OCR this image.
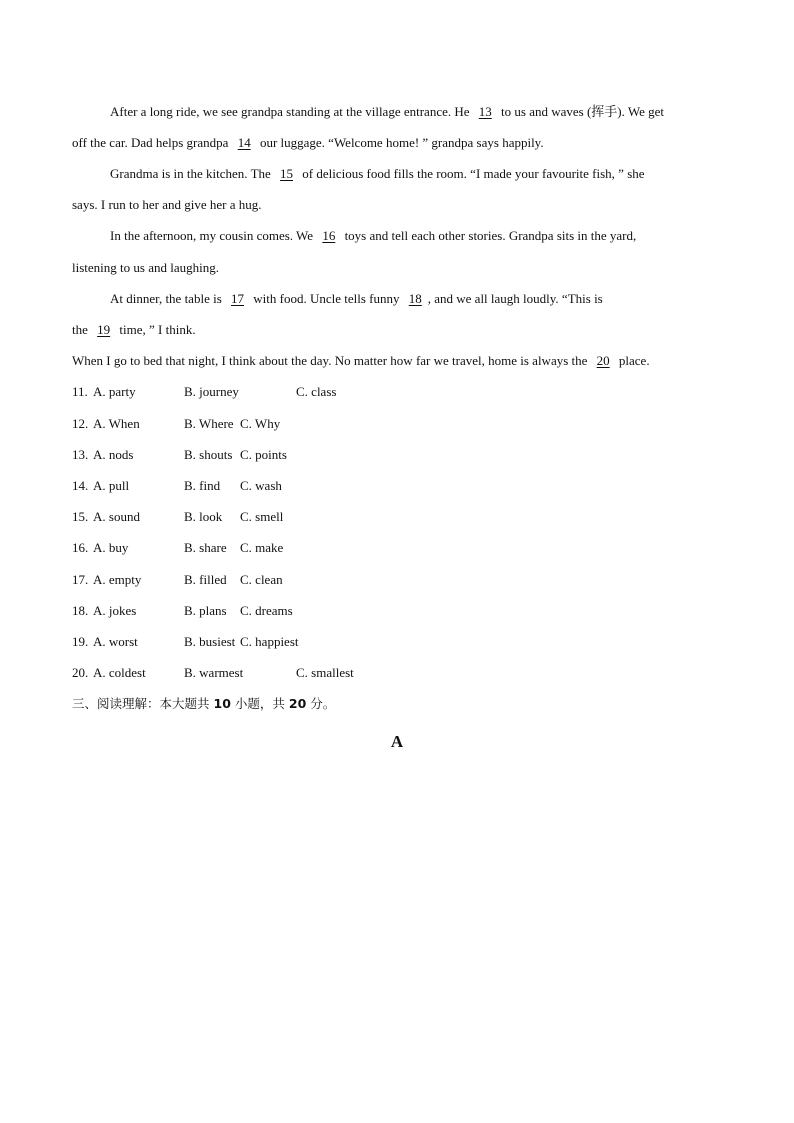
After a long ride, we see grandpa standing at the village entrance. He 13 to us and waves (挥手). We get
off the car. Dad helps grandpa 14 our luggage. “Welcome home! ” grandpa says happily.
Grandma is in the kitchen. The 15 of delicious food fills the room. “I made your favourite fish, ” she
says. I run to her and give her a hug.
In the afternoon, my cousin comes. We 16 toys and tell each other stories. Grandpa sits in the yard,
listening to us and laughing.
At dinner, the table is 17 with food. Uncle tells funny 18 , and we all laugh loudly. “This is
the 19 time, ” I think.
When I go to bed that night, I think about the day. No matter how far we travel, home is always the 20 place.
11. A. party	B. journey	C. class
12. A. When	B. Where C. Why
13. A. nods	B. shouts C. points
14. A. pull	B. find C. wash
15. A. sound	B. look C. smell
16. A. buy	B. share C. make
17. A. empty	B. filled C. clean
18. A. jokes	B. plans C. dreams
19. A. worst	B. busiest C. happiest
20. A. coldest	B. warmest	C. smallest
三、阅读理解：本大题共 10 小题，共 20 分。
A
